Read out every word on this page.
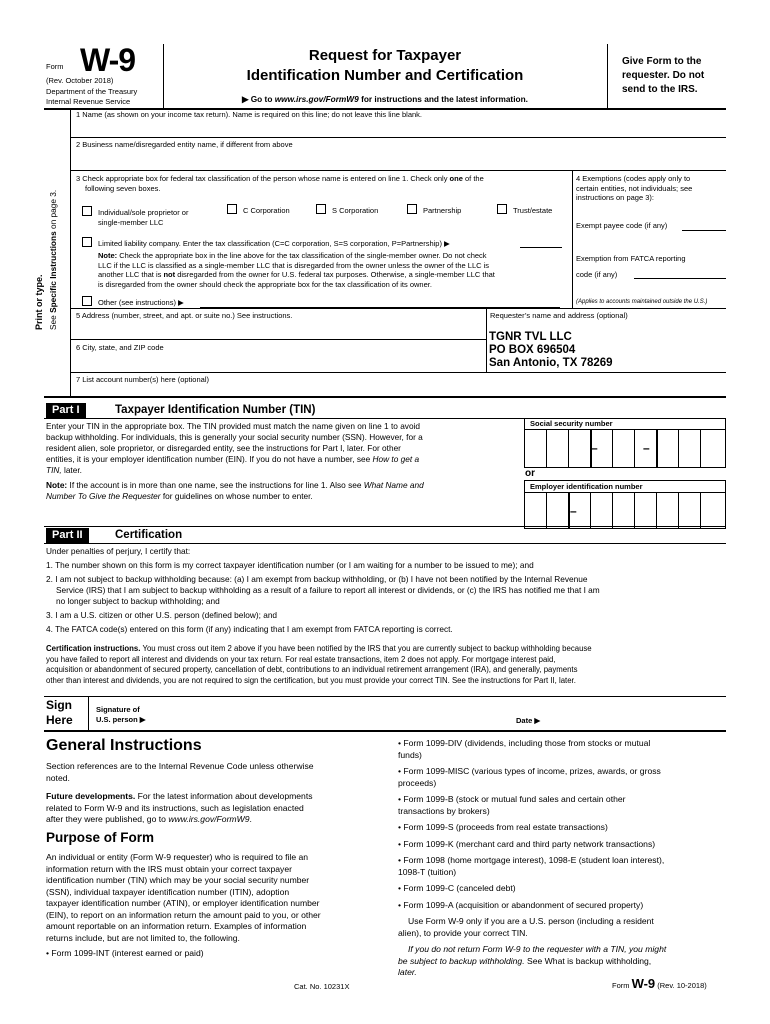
Form W-9
(Rev. October 2018)
Department of the Treasury
Internal Revenue Service
Request for Taxpayer
Identification Number and Certification
▶ Go to www.irs.gov/FormW9 for instructions and the latest information.
Give Form to the
requester. Do not
send to the IRS.
Print or type. See Specific Instructions on page 3.
1 Name (as shown on your income tax return). Name is required on this line; do not leave this line blank.
2 Business name/disregarded entity name, if different from above
3 Check appropriate box for federal tax classification of the person whose name is entered on line 1. Check only one of the
following seven boxes.
Individual/sole proprietor or
single-member LLC
C Corporation	S Corporation	Partnership	Trust/estate
Limited liability company. Enter the tax classification (C=C corporation, S=S corporation, P=Partnership) ▶
Note: Check the appropriate box in the line above for the tax classification of the single-member owner. Do not check
LLC if the LLC is classified as a single-member LLC that is disregarded from the owner unless the owner of the LLC is
another LLC that is not disregarded from the owner for U.S. federal tax purposes. Otherwise, a single-member LLC that
is disregarded from the owner should check the appropriate box for the tax classification of its owner.
Other (see instructions) ▶
4 Exemptions (codes apply only to
certain entities, not individuals; see
instructions on page 3):
Exempt payee code (if any)
Exemption from FATCA reporting
code (if any)
(Applies to accounts maintained outside the U.S.)
5 Address (number, street, and apt. or suite no.) See instructions.	Requester’s name and address (optional)
TGNR TVL LLC
PO BOX 696504
San Antonio, TX 78269
6 City, state, and ZIP code
7 List account number(s) here (optional)
Part I	Taxpayer Identification Number (TIN)
Enter your TIN in the appropriate box. The TIN provided must match the name given on line 1 to avoid
backup withholding. For individuals, this is generally your social security number (SSN). However, for a
resident alien, sole proprietor, or disregarded entity, see the instructions for Part I, later. For other
entities, it is your employer identification number (EIN). If you do not have a number, see How to get a
TIN, later.
Note: If the account is in more than one name, see the instructions for line 1. Also see What Name and
Number To Give the Requester for guidelines on whose number to enter.
Social security number
–	–
or
Employer identification number
–
Part II	Certification
Under penalties of perjury, I certify that:
1. The number shown on this form is my correct taxpayer identification number (or I am waiting for a number to be issued to me); and
2. I am not subject to backup withholding because: (a) I am exempt from backup withholding, or (b) I have not been notified by the Internal Revenue
Service (IRS) that I am subject to backup withholding as a result of a failure to report all interest or dividends, or (c) the IRS has notified me that I am
no longer subject to backup withholding; and
3. I am a U.S. citizen or other U.S. person (defined below); and
4. The FATCA code(s) entered on this form (if any) indicating that I am exempt from FATCA reporting is correct.
Certification instructions. You must cross out item 2 above if you have been notified by the IRS that you are currently subject to backup withholding because
you have failed to report all interest and dividends on your tax return. For real estate transactions, item 2 does not apply. For mortgage interest paid,
acquisition or abandonment of secured property, cancellation of debt, contributions to an individual retirement arrangement (IRA), and generally, payments
other than interest and dividends, you are not required to sign the certification, but you must provide your correct TIN. See the instructions for Part II, later.
Sign
Here
Signature of
U.S. person ▶	Date ▶
General Instructions
Section references are to the Internal Revenue Code unless otherwise
noted.
Future developments. For the latest information about developments
related to Form W-9 and its instructions, such as legislation enacted
after they were published, go to www.irs.gov/FormW9.
Purpose of Form
An individual or entity (Form W-9 requester) who is required to file an
information return with the IRS must obtain your correct taxpayer
identification number (TIN) which may be your social security number
(SSN), individual taxpayer identification number (ITIN), adoption
taxpayer identification number (ATIN), or employer identification number
(EIN), to report on an information return the amount paid to you, or other
amount reportable on an information return. Examples of information
returns include, but are not limited to, the following.
• Form 1099-INT (interest earned or paid)
• Form 1099-DIV (dividends, including those from stocks or mutual
funds)
• Form 1099-MISC (various types of income, prizes, awards, or gross
proceeds)
• Form 1099-B (stock or mutual fund sales and certain other
transactions by brokers)
• Form 1099-S (proceeds from real estate transactions)
• Form 1099-K (merchant card and third party network transactions)
• Form 1098 (home mortgage interest), 1098-E (student loan interest),
1098-T (tuition)
• Form 1099-C (canceled debt)
• Form 1099-A (acquisition or abandonment of secured property)
Use Form W-9 only if you are a U.S. person (including a resident
alien), to provide your correct TIN.
If you do not return Form W-9 to the requester with a TIN, you might
be subject to backup withholding. See What is backup withholding,
later.
Cat. No. 10231X	Form W-9 (Rev. 10-2018)
